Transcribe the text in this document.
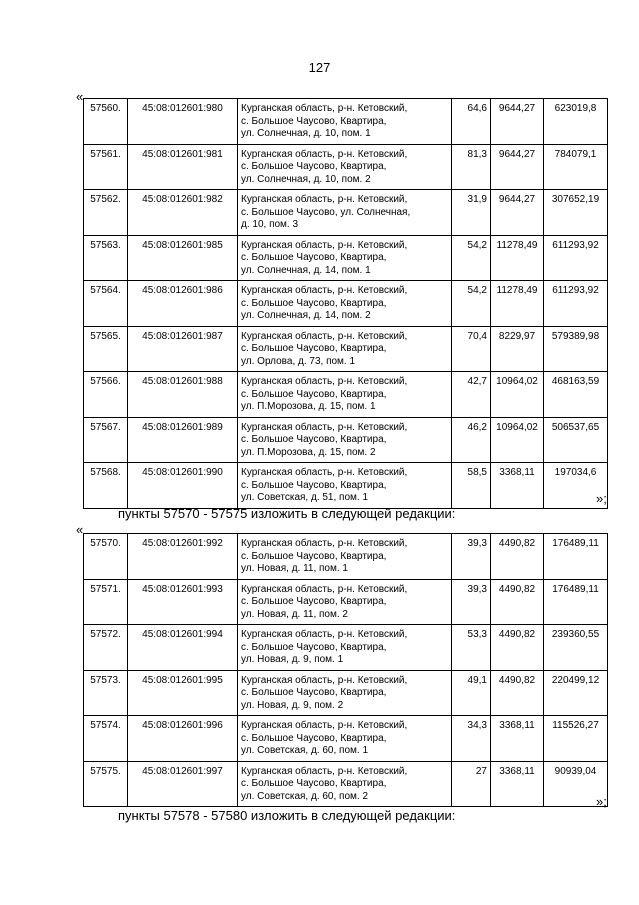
127
«
57560.	45:08:012601:980	Курганская область, р-н. Кетовский,
с. Большое Чаусово, Квартира,
ул. Солнечная, д. 10, пом. 1	64,6	9644,27	623019,8
57561.	45:08:012601:981	Курганская область, р-н. Кетовский,
с. Большое Чаусово, Квартира,
ул. Солнечная, д. 10, пом. 2	81,3	9644,27	784079,1
57562.	45:08:012601:982	Курганская область, р-н. Кетовский,
с. Большое Чаусово, ул. Солнечная,
д. 10, пом. 3	31,9	9644,27	307652,19
57563.	45:08:012601:985	Курганская область, р-н. Кетовский,
с. Большое Чаусово, Квартира,
ул. Солнечная, д. 14, пом. 1	54,2	11278,49	611293,92
57564.	45:08:012601:986	Курганская область, р-н. Кетовский,
с. Большое Чаусово, Квартира,
ул. Солнечная, д. 14, пом. 2	54,2	11278,49	611293,92
57565.	45:08:012601:987	Курганская область, р-н. Кетовский,
с. Большое Чаусово, Квартира,
ул. Орлова, д. 73, пом. 1	70,4	8229,97	579389,98
57566.	45:08:012601:988	Курганская область, р-н. Кетовский,
с. Большое Чаусово, Квартира,
ул. П.Морозова, д. 15, пом. 1	42,7	10964,02	468163,59
57567.	45:08:012601:989	Курганская область, р-н. Кетовский,
с. Большое Чаусово, Квартира,
ул. П.Морозова, д. 15, пом. 2	46,2	10964,02	506537,65
57568.	45:08:012601:990	Курганская область, р-н. Кетовский,
с. Большое Чаусово, Квартира,
ул. Советская, д. 51, пом. 1	58,5	3368,11	197034,6
»;
пункты 57570 - 57575 изложить в следующей редакции:
«
57570.	45:08:012601:992	Курганская область, р-н. Кетовский,
с. Большое Чаусово, Квартира,
ул. Новая, д. 11, пом. 1	39,3	4490,82	176489,11
57571.	45:08:012601:993	Курганская область, р-н. Кетовский,
с. Большое Чаусово, Квартира,
ул. Новая, д. 11, пом. 2	39,3	4490,82	176489,11
57572.	45:08:012601:994	Курганская область, р-н. Кетовский,
с. Большое Чаусово, Квартира,
ул. Новая, д. 9, пом. 1	53,3	4490,82	239360,55
57573.	45:08:012601:995	Курганская область, р-н. Кетовский,
с. Большое Чаусово, Квартира,
ул. Новая, д. 9, пом. 2	49,1	4490,82	220499,12
57574.	45:08:012601:996	Курганская область, р-н. Кетовский,
с. Большое Чаусово, Квартира,
ул. Советская, д. 60, пом. 1	34,3	3368,11	115526,27
57575.	45:08:012601:997	Курганская область, р-н. Кетовский,
с. Большое Чаусово, Квартира,
ул. Советская, д. 60, пом. 2	27	3368,11	90939,04
»;
пункты 57578 - 57580 изложить в следующей редакции:
